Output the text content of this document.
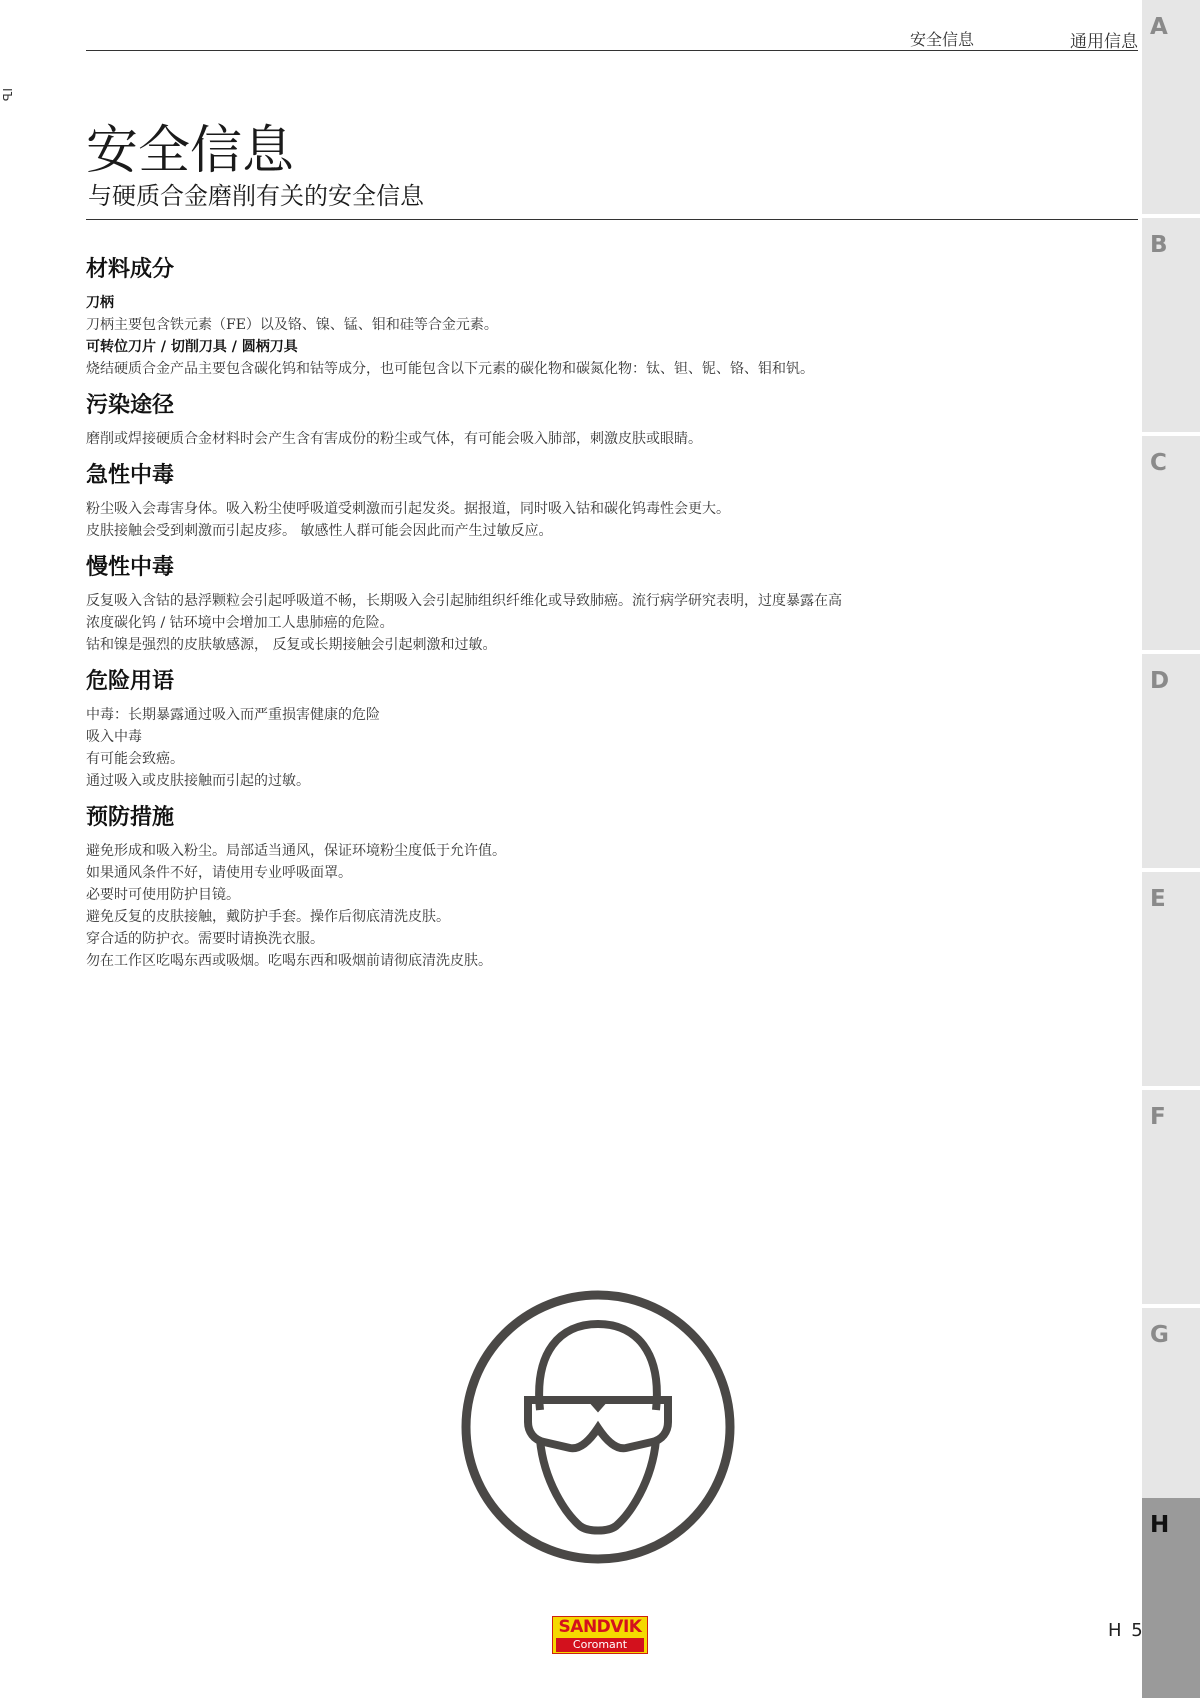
ІЪ
安全信息	通用信息
A
B
C
D
E
F
G
H
安全信息
与硬质合金磨削有关的安全信息
材料成分
刀柄

刀柄主要包含铁元素（FE）以及铬、镍、锰、钼和硅等合金元素。

可转位刀片 / 切削刀具 / 圆柄刀具

烧结硬质合金产品主要包含碳化钨和钴等成分，也可能包含以下元素的碳化物和碳氮化物：钛、钽、铌、铬、钼和钒。

污染途径

磨削或焊接硬质合金材料时会产生含有害成份的粉尘或气体，有可能会吸入肺部，刺激皮肤或眼睛。

急性中毒

粉尘吸入会毒害身体。吸入粉尘使呼吸道受刺激而引起发炎。据报道，同时吸入钴和碳化钨毒性会更大。

皮肤接触会受到刺激而引起皮疹。 敏感性人群可能会因此而产生过敏反应。

慢性中毒

反复吸入含钴的悬浮颗粒会引起呼吸道不畅，长期吸入会引起肺组织纤维化或导致肺癌。流行病学研究表明，过度暴露在高

浓度碳化钨 / 钴环境中会增加工人患肺癌的危险。

钴和镍是强烈的皮肤敏感源， 反复或长期接触会引起刺激和过敏。

危险用语

中毒：长期暴露通过吸入而严重损害健康的危险

吸入中毒

有可能会致癌。

通过吸入或皮肤接触而引起的过敏。

预防措施

避免形成和吸入粉尘。局部适当通风，保证环境粉尘度低于允许值。

如果通风条件不好，请使用专业呼吸面罩。

必要时可使用防护目镜。

避免反复的皮肤接触，戴防护手套。操作后彻底清洗皮肤。

穿合适的防护衣。需要时请换洗衣服。

勿在工作区吃喝东西或吸烟。吃喝东西和吸烟前请彻底清洗皮肤。

SANDVIK
Coromant
H 5
